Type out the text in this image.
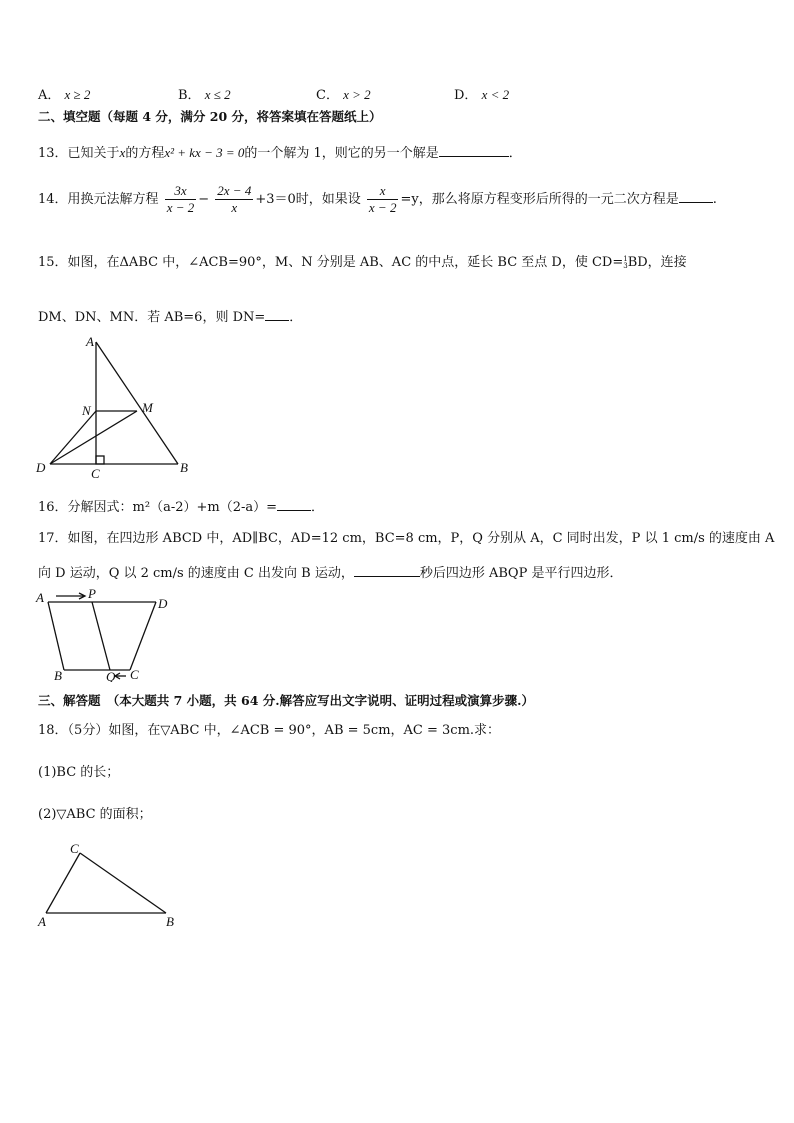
A． x ≥ 2	B． x ≤ 2	C． x > 2	D． x < 2
二、填空题（每题 4 分，满分 20 分，将答案填在答题纸上）
13．已知关于x的方程x² + kx − 3 = 0的一个解为 1，则它的另一个解是	．
14．用换元法解方程 $\frac{3x}{x - 2} - \frac{2x - 4}{x} +3=0$时，如果设 $\frac{x}{x - 2} =y$，那么将原方程变形后所得的一元二次方程是	.
15．如图，在ΔABC 中，∠ACB=90°，M、N 分别是 AB、AC 的中点，延长 BC 至点 D，使 CD= 1
3 BD，连接
DM、DN、MN．若 AB=6，则 DN= ．
A
N	M
D	C	B
16．分解因式：m²（a-2）+m（2-a）=	．
17．如图，在四边形 ABCD 中，AD∥BC，AD=12 cm，BC=8 cm，P，Q 分别从 A，C 同时出发，P 以 1 cm/s 的速度由 A
向 D 运动，Q 以 2 cm/s 的速度由 C 出发向 B 运动，	秒后四边形 ABQP 是平行四边形．
A	P
D
B	Q C
三、解答题　（本大题共 7 小题，共 64 分.解答应写出文字说明、证明过程或演算步骤.）
18．（5分）如图，在▽ABC 中，∠ACB = 90°，AB = 5cm，AC = 3cm.求：
(1)BC 的长；
(2)▽ABC 的面积；
C
A	B
